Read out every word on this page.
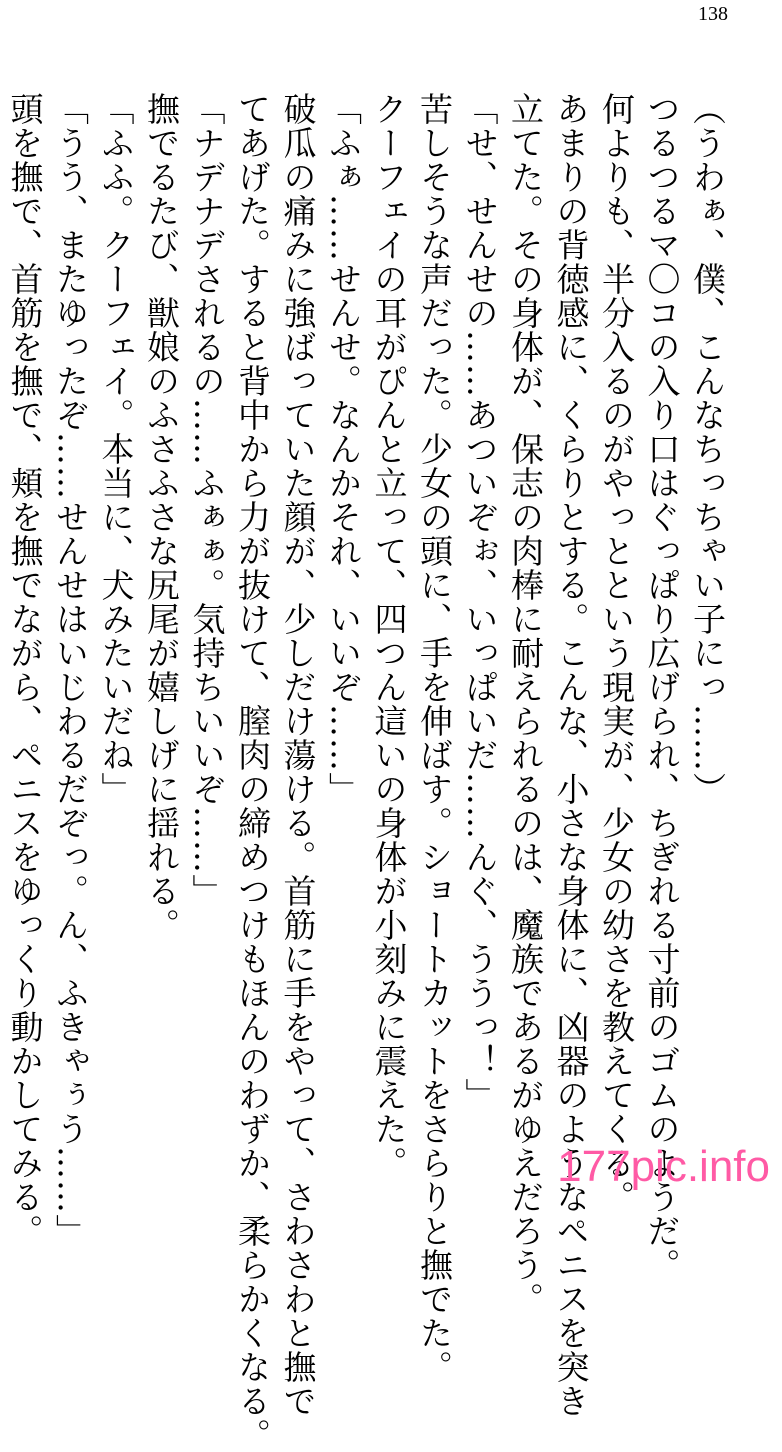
138
（うわぁ、僕、こんなちっちゃい子にっ……）
つるつるマ〇コの入り口はぐっぱり広げられ、ちぎれる寸前のゴムのようだ。
何よりも、半分入るのがやっとという現実が、少女の幼さを教えてくる。
あまりの背徳感に、くらりとする。こんな、小さな身体に、凶器のようなペニスを突き
立てた。その身体が、保志の肉棒に耐えられるのは、魔族であるがゆえだろう。
「せ、せんせの……あついぞぉ、いっぱいだ……んぐ、ううっ！」
苦しそうな声だった。少女の頭に、手を伸ばす。ショートカットをさらりと撫でた。
クーフェイの耳がぴんと立って、四つん這いの身体が小刻みに震えた。
「ふぁ……せんせ。なんかそれ、いいぞ……」
破瓜の痛みに強ばっていた顔が、少しだけ蕩ける。首筋に手をやって、さわさわと撫で
てあげた。すると背中から力が抜けて、膣肉の締めつけもほんのわずか、柔らかくなる。
「ナデナデされるの……ふぁぁ。気持ちいいぞ……」
撫でるたび、獣娘のふさふさな尻尾が嬉しげに揺れる。
「ふふ。クーフェイ。本当に、犬みたいだね」
「うう、またゆったぞ……せんせはいじわるだぞっ。ん、ふきゃぅう……」
頭を撫で、首筋を撫で、頬を撫でながら、ペニスをゆっくり動かしてみる。	177pic.info
